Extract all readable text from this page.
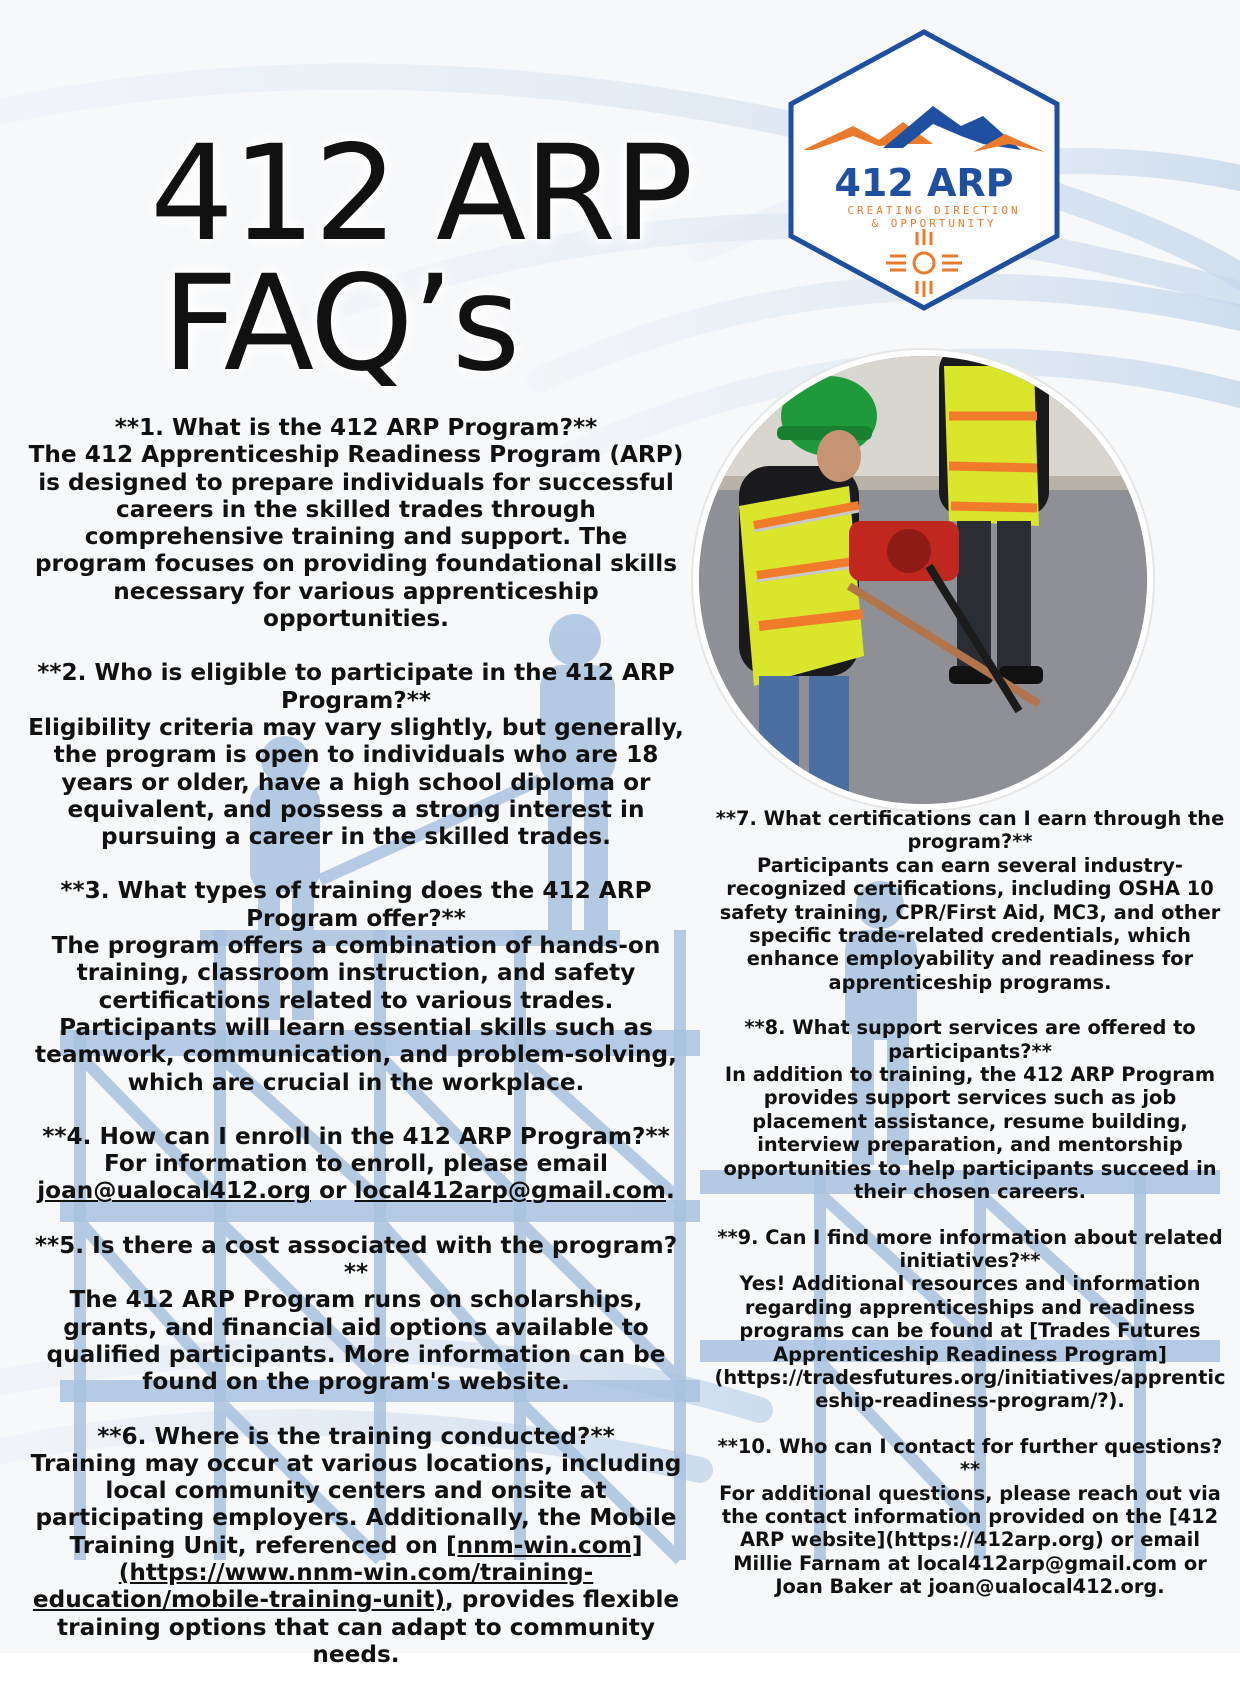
412 ARP
FAQ’s
412 ARP
CREATING DIRECTION
& OPPORTUNITY

**1. What is the 412 ARP Program?**

The 412 Apprenticeship Readiness Program (ARP) is designed to prepare individuals for successful careers in the skilled trades through comprehensive training and support. The program focuses on providing foundational skills necessary for various apprenticeship opportunities.

**2. Who is eligible to participate in the 412 ARP Program?**

Eligibility criteria may vary slightly, but generally, the program is open to individuals who are 18 years or older, have a high school diploma or equivalent, and possess a strong interest in pursuing a career in the skilled trades.

**3. What types of training does the 412 ARP Program offer?**

The program offers a combination of hands-on training, classroom instruction, and safety certifications related to various trades. Participants will learn essential skills such as teamwork, communication, and problem-solving, which are crucial in the workplace.

**4. How can I enroll in the 412 ARP Program?**

For information to enroll, please email joan@ualocal412.org or local412arp@gmail.com.

**5. Is there a cost associated with the program?**

The 412 ARP Program runs on scholarships, grants, and financial aid options available to qualified participants. More information can be found on the program's website.

**6. Where is the training conducted?**

Training may occur at various locations, including local community centers and onsite at participating employers. Additionally, the Mobile Training Unit, referenced on [nnm-win.com] (https://www.nnm-win.com/training-education/mobile-training-unit), provides flexible training options that can adapt to community needs.

**7. What certifications can I earn through the program?**

Participants can earn several industry-recognized certifications, including OSHA 10 safety training, CPR/First Aid, MC3, and other specific trade-related credentials, which enhance employability and readiness for apprenticeship programs.

**8. What support services are offered to participants?**

In addition to training, the 412 ARP Program provides support services such as job placement assistance, resume building, interview preparation, and mentorship opportunities to help participants succeed in their chosen careers.

**9. Can I find more information about related initiatives?**

Yes! Additional resources and information regarding apprenticeships and readiness programs can be found at [Trades Futures Apprenticeship Readiness Program](https://tradesfutures.org/initiatives/apprenticeship-readiness-program/?).

**10. Who can I contact for further questions?**

For additional questions, please reach out via the contact information provided on the [412 ARP website](https://412arp.org) or email Millie Farnam at local412arp@gmail.com or Joan Baker at joan@ualocal412.org.
